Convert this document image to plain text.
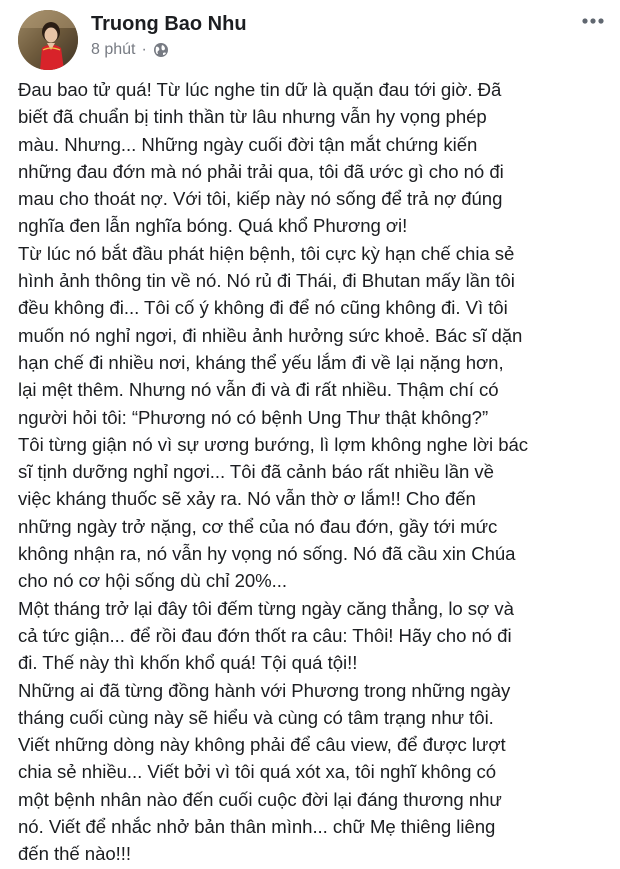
Truong Bao Nhu
8 phút ·
Đau bao tử quá! Từ lúc nghe tin dữ là quặn đau tới giờ. Đã
biết đã chuẩn bị tinh thần từ lâu nhưng vẫn hy vọng phép
màu. Nhưng... Những ngày cuối đời tận mắt chứng kiến
những đau đớn mà nó phải trải qua, tôi đã ước gì cho nó đi
mau cho thoát nợ. Với tôi, kiếp này nó sống để trả nợ đúng
nghĩa đen lẫn nghĩa bóng. Quá khổ Phương ơi!
Từ lúc nó bắt đầu phát hiện bệnh, tôi cực kỳ hạn chế chia sẻ
hình ảnh thông tin về nó. Nó rủ đi Thái, đi Bhutan mấy lần tôi
đều không đi... Tôi cố ý không đi để nó cũng không đi. Vì tôi
muốn nó nghỉ ngơi, đi nhiều ảnh hưởng sức khoẻ. Bác sĩ dặn
hạn chế đi nhiều nơi, kháng thể yếu lắm đi về lại nặng hơn,
lại mệt thêm. Nhưng nó vẫn đi và đi rất nhiều. Thậm chí có
người hỏi tôi: “Phương nó có bệnh Ung Thư thật không?”
Tôi từng giận nó vì sự ương bướng, lì lợm không nghe lời bác
sĩ tịnh dưỡng nghỉ ngơi... Tôi đã cảnh báo rất nhiều lần về
việc kháng thuốc sẽ xảy ra. Nó vẫn thờ ơ lắm!! Cho đến
những ngày trở nặng, cơ thể của nó đau đớn, gầy tới mức
không nhận ra, nó vẫn hy vọng nó sống. Nó đã cầu xin Chúa
cho nó cơ hội sống dù chỉ 20%...
Một tháng trở lại đây tôi đếm từng ngày căng thẳng, lo sợ và
cả tức giận... để rồi đau đớn thốt ra câu: Thôi! Hãy cho nó đi
đi. Thế này thì khốn khổ quá! Tội quá tội!!
Những ai đã từng đồng hành với Phương trong những ngày
tháng cuối cùng này sẽ hiểu và cùng có tâm trạng như tôi.
Viết những dòng này không phải để câu view, để được lượt
chia sẻ nhiều... Viết bởi vì tôi quá xót xa, tôi nghĩ không có
một bệnh nhân nào đến cuối cuộc đời lại đáng thương như
nó. Viết để nhắc nhở bản thân mình... chữ Mẹ thiêng liêng
đến thế nào!!!
